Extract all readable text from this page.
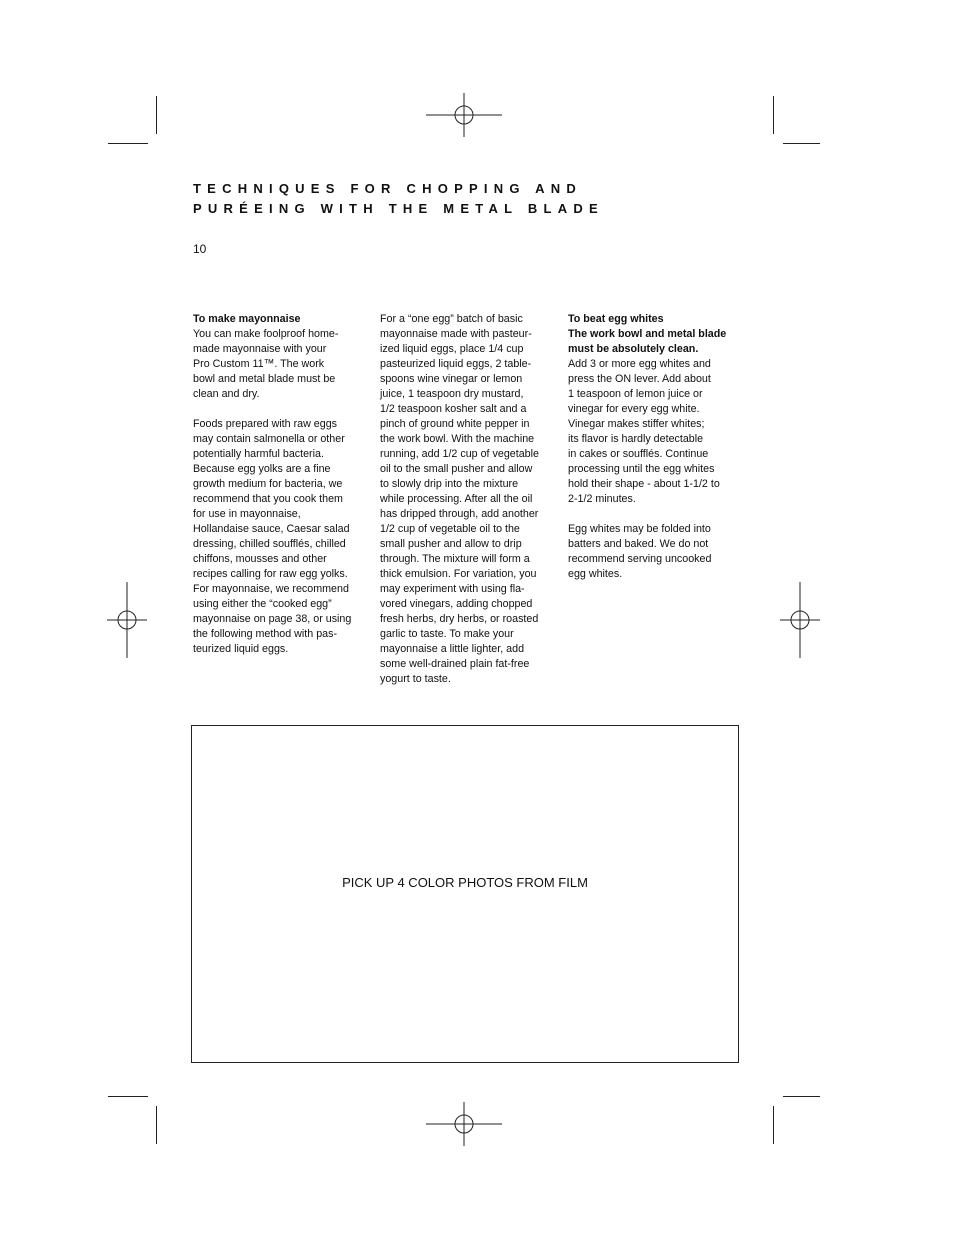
TECHNIQUES FOR CHOPPING AND
PURÉEING WITH THE METAL BLADE
10

To make mayonnaise

You can make foolproof home-
made mayonnaise with your
Pro Custom 11™. The work
bowl and metal blade must be
clean and dry.

Foods prepared with raw eggs
may contain salmonella or other
potentially harmful bacteria.
Because egg yolks are a fine
growth medium for bacteria, we
recommend that you cook them
for use in mayonnaise,
Hollandaise sauce, Caesar salad
dressing, chilled soufflés, chilled
chiffons, mousses and other
recipes calling for raw egg yolks.
For mayonnaise, we recommend
using either the “cooked egg”
mayonnaise on page 38, or using
the following method with pas-
teurized liquid eggs.

For a “one egg” batch of basic
mayonnaise made with pasteur-
ized liquid eggs, place 1/4 cup
pasteurized liquid eggs, 2 table-
spoons wine vinegar or lemon
juice, 1 teaspoon dry mustard,
1/2 teaspoon kosher salt and a
pinch of ground white pepper in
the work bowl. With the machine
running, add 1/2 cup of vegetable
oil to the small pusher and allow
to slowly drip into the mixture
while processing. After all the oil
has dripped through, add another
1/2 cup of vegetable oil to the
small pusher and allow to drip
through. The mixture will form a
thick emulsion. For variation, you
may experiment with using fla-
vored vinegars, adding chopped
fresh herbs, dry herbs, or roasted
garlic to taste. To make your
mayonnaise a little lighter, add
some well-drained plain fat-free
yogurt to taste.

To beat egg whites

The work bowl and metal blade
must be absolutely clean.

Add 3 or more egg whites and
press the ON lever. Add about
1 teaspoon of lemon juice or
vinegar for every egg white.
Vinegar makes stiffer whites;
its flavor is hardly detectable
in cakes or soufflés. Continue
processing until the egg whites
hold their shape - about 1-1/2 to
2-1/2 minutes.

Egg whites may be folded into
batters and baked. We do not
recommend serving uncooked
egg whites.

PICK UP 4 COLOR PHOTOS FROM FILM
